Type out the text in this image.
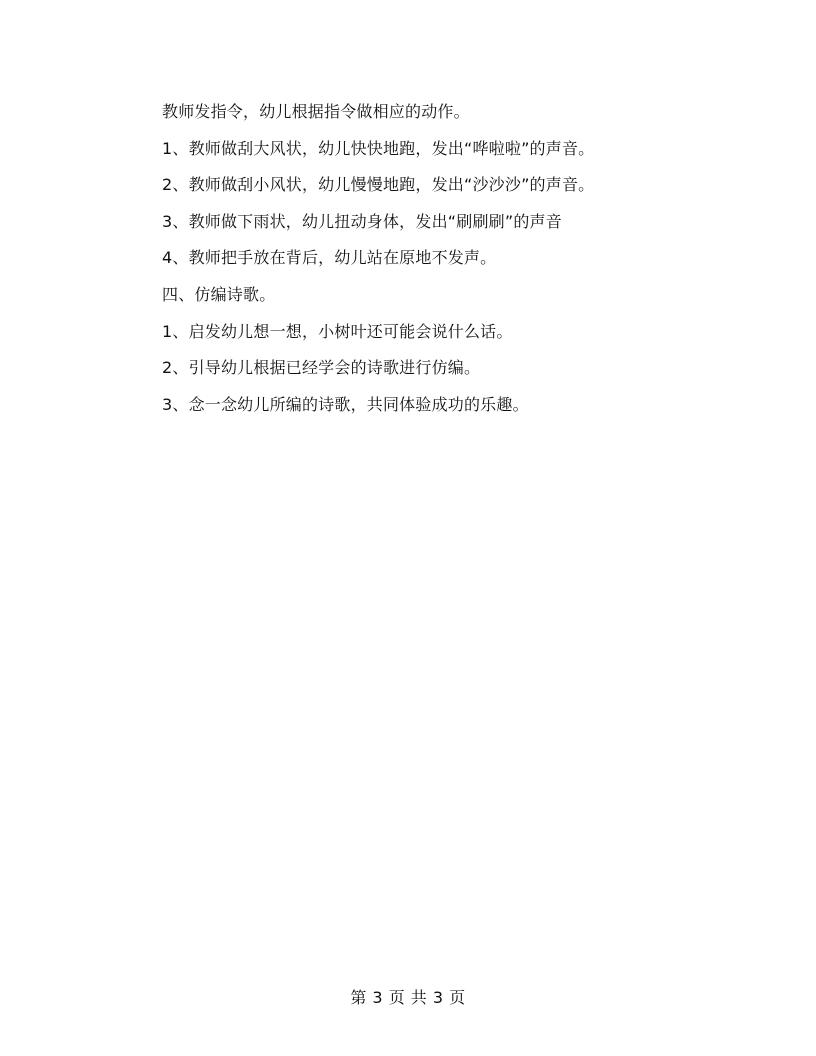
教师发指令，幼儿根据指令做相应的动作。
1、教师做刮大风状，幼儿快快地跑，发出“哗啦啦”的声音。
2、教师做刮小风状，幼儿慢慢地跑，发出“沙沙沙”的声音。
3、教师做下雨状，幼儿扭动身体，发出“刷刷刷”的声音
4、教师把手放在背后，幼儿站在原地不发声。
四、仿编诗歌。
1、启发幼儿想一想，小树叶还可能会说什么话。
2、引导幼儿根据已经学会的诗歌进行仿编。
3、念一念幼儿所编的诗歌，共同体验成功的乐趣。
第 3 页 共 3 页
